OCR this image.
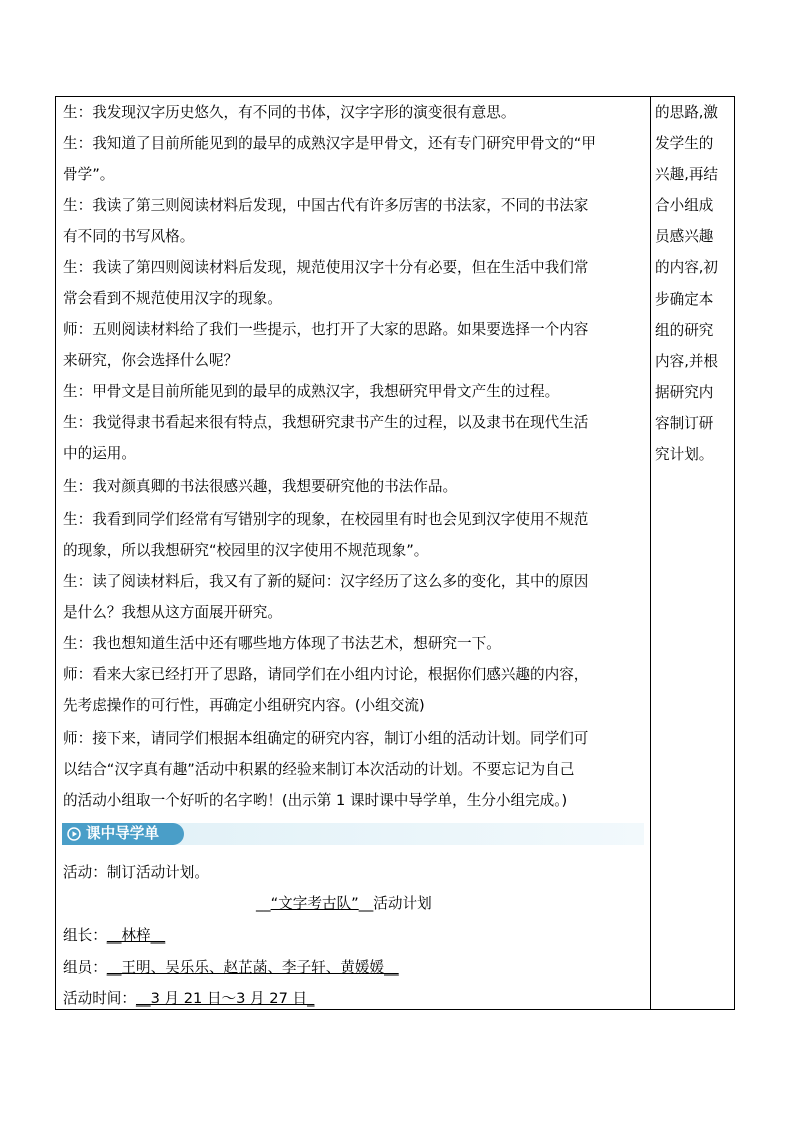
生：我发现汉字历史悠久，有不同的书体，汉字字形的演变很有意思。

生：我知道了目前所能见到的最早的成熟汉字是甲骨文，还有专门研究甲骨文的“甲

骨学”。

生：我读了第三则阅读材料后发现，中国古代有许多厉害的书法家，不同的书法家

有不同的书写风格。

生：我读了第四则阅读材料后发现，规范使用汉字十分有必要，但在生活中我们常

常会看到不规范使用汉字的现象。

师：五则阅读材料给了我们一些提示，也打开了大家的思路。如果要选择一个内容

来研究，你会选择什么呢？

生：甲骨文是目前所能见到的最早的成熟汉字，我想研究甲骨文产生的过程。

生：我觉得隶书看起来很有特点，我想研究隶书产生的过程，以及隶书在现代生活

中的运用。

生：我对颜真卿的书法很感兴趣，我想要研究他的书法作品。

生：我看到同学们经常有写错别字的现象，在校园里有时也会见到汉字使用不规范

的现象，所以我想研究“校园里的汉字使用不规范现象”。

生：读了阅读材料后，我又有了新的疑问：汉字经历了这么多的变化，其中的原因

是什么？我想从这方面展开研究。

生：我也想知道生活中还有哪些地方体现了书法艺术，想研究一下。

师：看来大家已经打开了思路，请同学们在小组内讨论，根据你们感兴趣的内容，

先考虑操作的可行性，再确定小组研究内容。(小组交流)

师：接下来，请同学们根据本组确定的研究内容，制订小组的活动计划。同学们可

以结合“汉字真有趣”活动中积累的经验来制订本次活动的计划。不要忘记为自己

的活动小组取一个好听的名字哟！(出示第 1 课时课中导学单，生分小组完成。)

课中导学单

活动：制订活动计划。

__“文字考古队”__活动计划

组长：__林梓__

组员：__王明、吴乐乐、赵芷菡、李子轩、黄媛媛__

活动时间：__3 月 21 日～3 月 27 日_

的思路,激
发学生的
兴趣,再结
合小组成
员感兴趣
的内容,初
步确定本
组的研究
内容,并根
据研究内
容制订研
究计划。
